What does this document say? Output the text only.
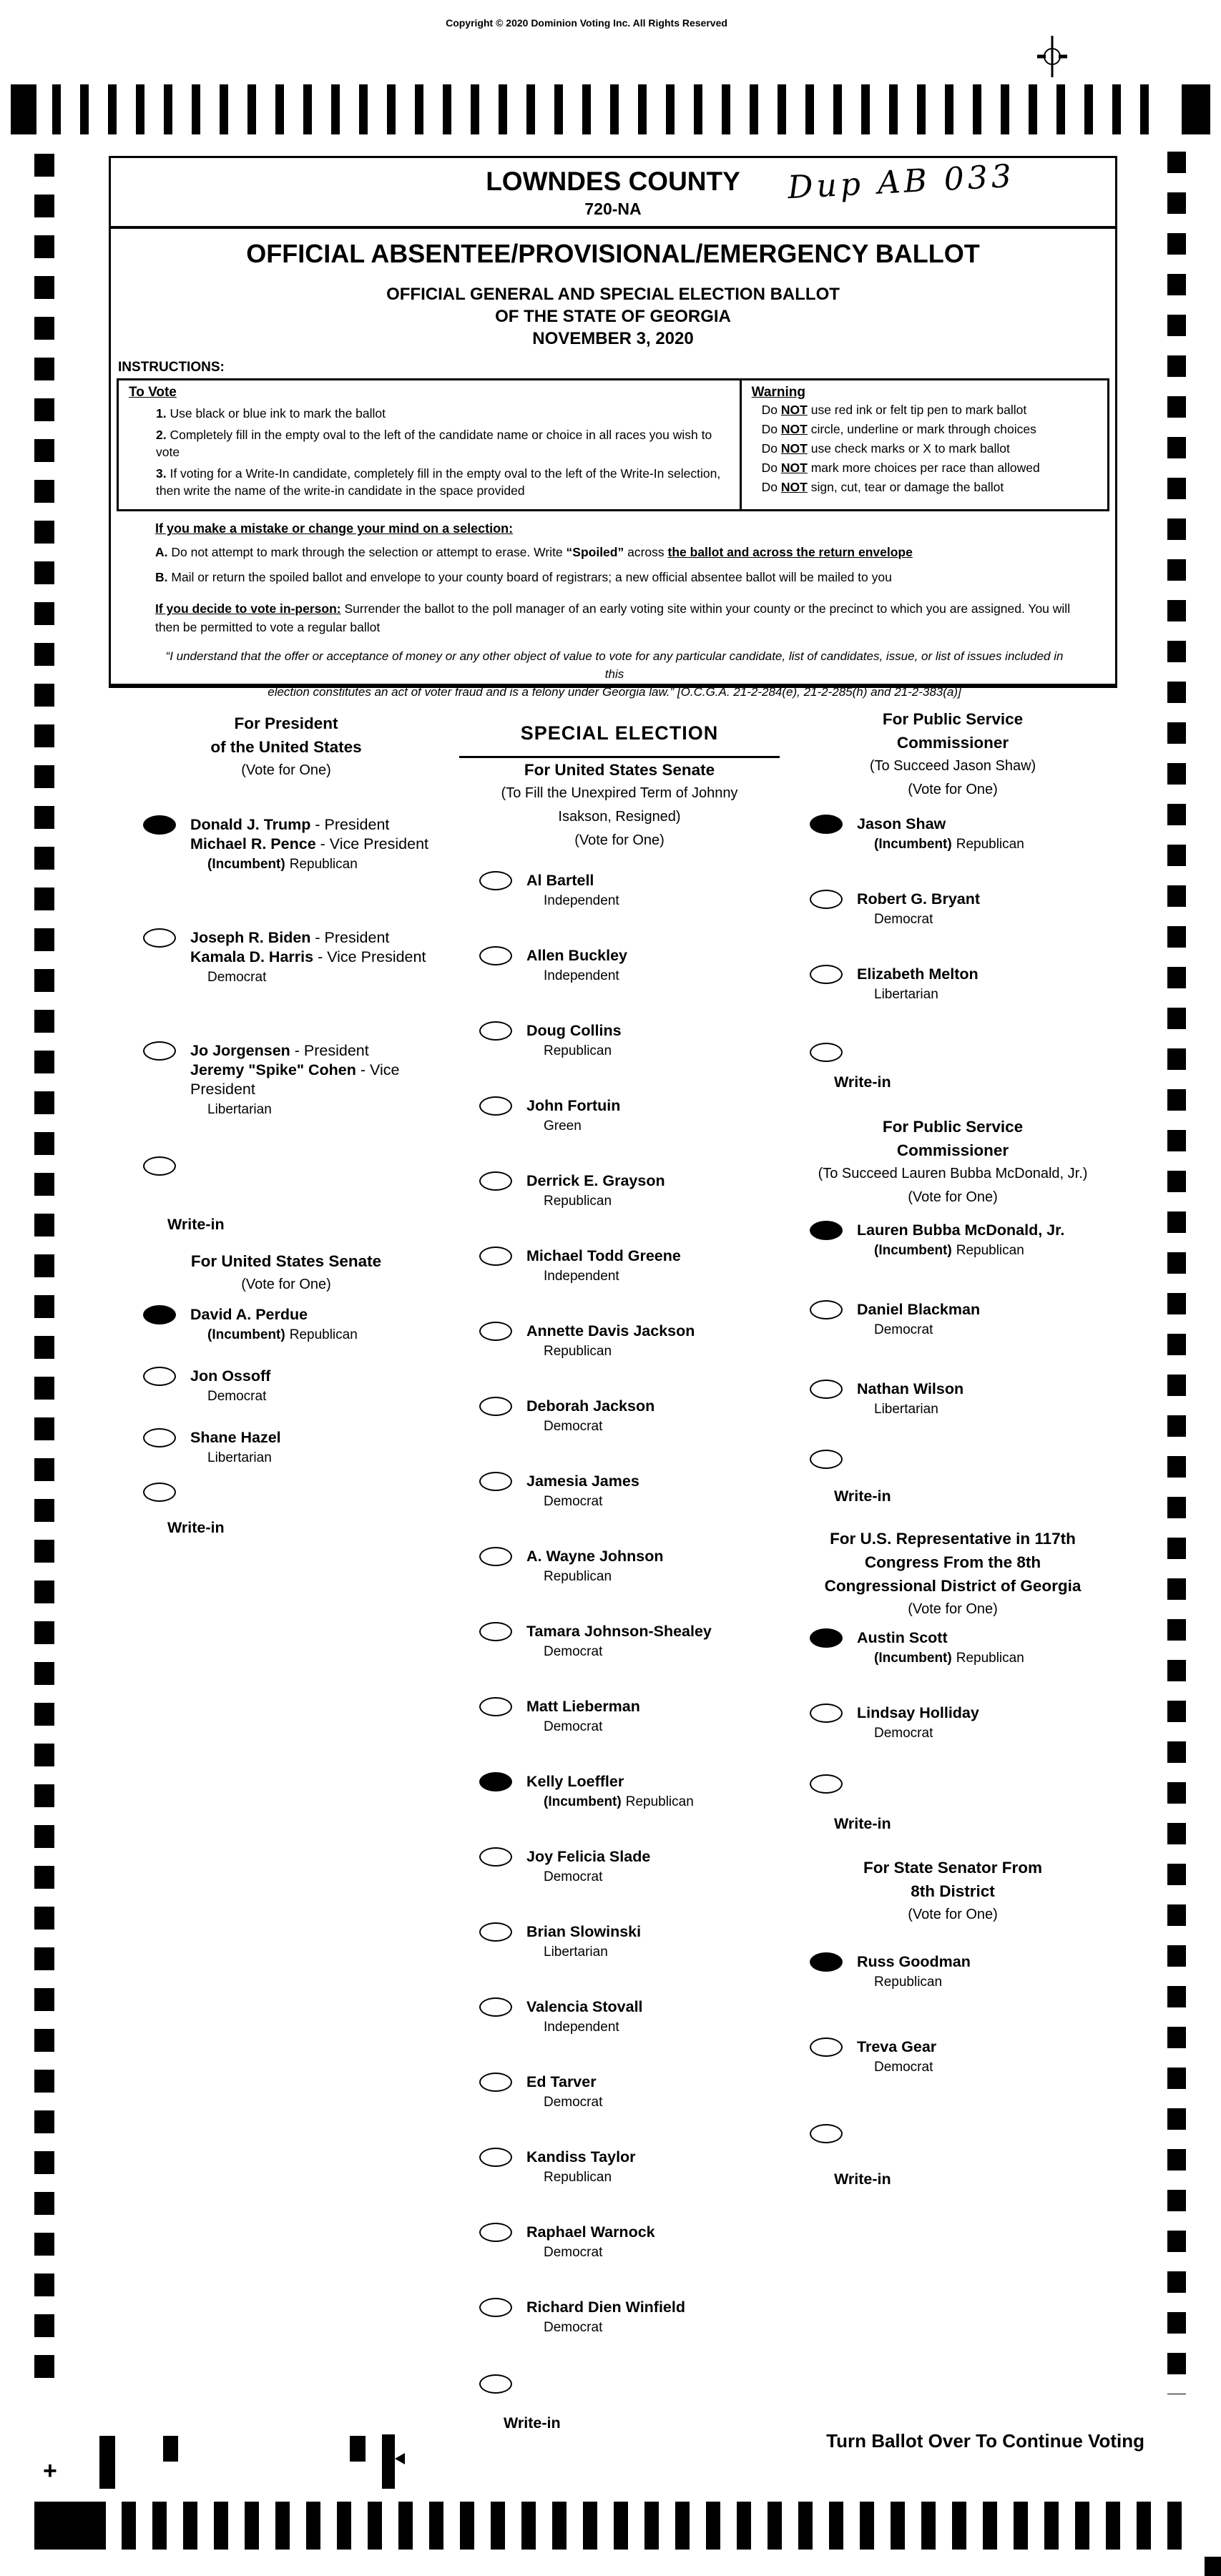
Copyright © 2020 Dominion Voting Inc. All Rights Reserved
LOWNDES COUNTY
720-NA
Dup AB 033
OFFICIAL ABSENTEE/PROVISIONAL/EMERGENCY BALLOT
OFFICIAL GENERAL AND SPECIAL ELECTION BALLOT
OF THE STATE OF GEORGIA
NOVEMBER 3, 2020
INSTRUCTIONS:
To Vote
1. Use black or blue ink to mark the ballot
2. Completely fill in the empty oval to the left of the candidate name or choice in all races you wish to vote
3. If voting for a Write-In candidate, completely fill in the empty oval to the left of the Write-In selection, then write the name of the write-in candidate in the space provided
Warning
Do NOT use red ink or felt tip pen to mark ballot
Do NOT circle, underline or mark through choices
Do NOT use check marks or X to mark ballot
Do NOT mark more choices per race than allowed
Do NOT sign, cut, tear or damage the ballot
If you make a mistake or change your mind on a selection:
A. Do not attempt to mark through the selection or attempt to erase. Write “Spoiled” across the ballot and across the return envelope
B. Mail or return the spoiled ballot and envelope to your county board of registrars; a new official absentee ballot will be mailed to you
If you decide to vote in-person: Surrender the ballot to the poll manager of an early voting site within your county or the precinct to which you are assigned. You will then be permitted to vote a regular ballot
“I understand that the offer or acceptance of money or any other object of value to vote for any particular candidate, list of candidates, issue, or list of issues included in this
election constitutes an act of voter fraud and is a felony under Georgia law.” [O.C.G.A. 21-2-284(e), 21-2-285(h) and 21-2-383(a)]
For President
of the United States
(Vote for One)
Donald J. Trump - President
Michael R. Pence - Vice President
(Incumbent) Republican
Joseph R. Biden - President
Kamala D. Harris - Vice President
Democrat
Jo Jorgensen - President
Jeremy "Spike" Cohen - Vice President
Libertarian
Write-in
For United States Senate
(Vote for One)
David A. Perdue
(Incumbent) Republican
Jon Ossoff
Democrat
Shane Hazel
Libertarian
Write-in
SPECIAL ELECTION
For United States Senate
(To Fill the Unexpired Term of Johnny
Isakson, Resigned)
(Vote for One)
Al Bartell
Independent
Allen Buckley
Independent
Doug Collins
Republican
John Fortuin
Green
Derrick E. Grayson
Republican
Michael Todd Greene
Independent
Annette Davis Jackson
Republican
Deborah Jackson
Democrat
Jamesia James
Democrat
A. Wayne Johnson
Republican
Tamara Johnson-Shealey
Democrat
Matt Lieberman
Democrat
Kelly Loeffler
(Incumbent) Republican
Joy Felicia Slade
Democrat
Brian Slowinski
Libertarian
Valencia Stovall
Independent
Ed Tarver
Democrat
Kandiss Taylor
Republican
Raphael Warnock
Democrat
Richard Dien Winfield
Democrat
Write-in
For Public Service
Commissioner
(To Succeed Jason Shaw)
(Vote for One)
Jason Shaw
(Incumbent) Republican
Robert G. Bryant
Democrat
Elizabeth Melton
Libertarian
Write-in
For Public Service
Commissioner
(To Succeed Lauren Bubba McDonald, Jr.)
(Vote for One)
Lauren Bubba McDonald, Jr.
(Incumbent) Republican
Daniel Blackman
Democrat
Nathan Wilson
Libertarian
Write-in
For U.S. Representative in 117th
Congress From the 8th
Congressional District of Georgia
(Vote for One)
Austin Scott
(Incumbent) Republican
Lindsay Holliday
Democrat
Write-in
For State Senator From
8th District
(Vote for One)
Russ Goodman
Republican
Treva Gear
Democrat
Write-in
+
Turn Ballot Over To Continue Voting
